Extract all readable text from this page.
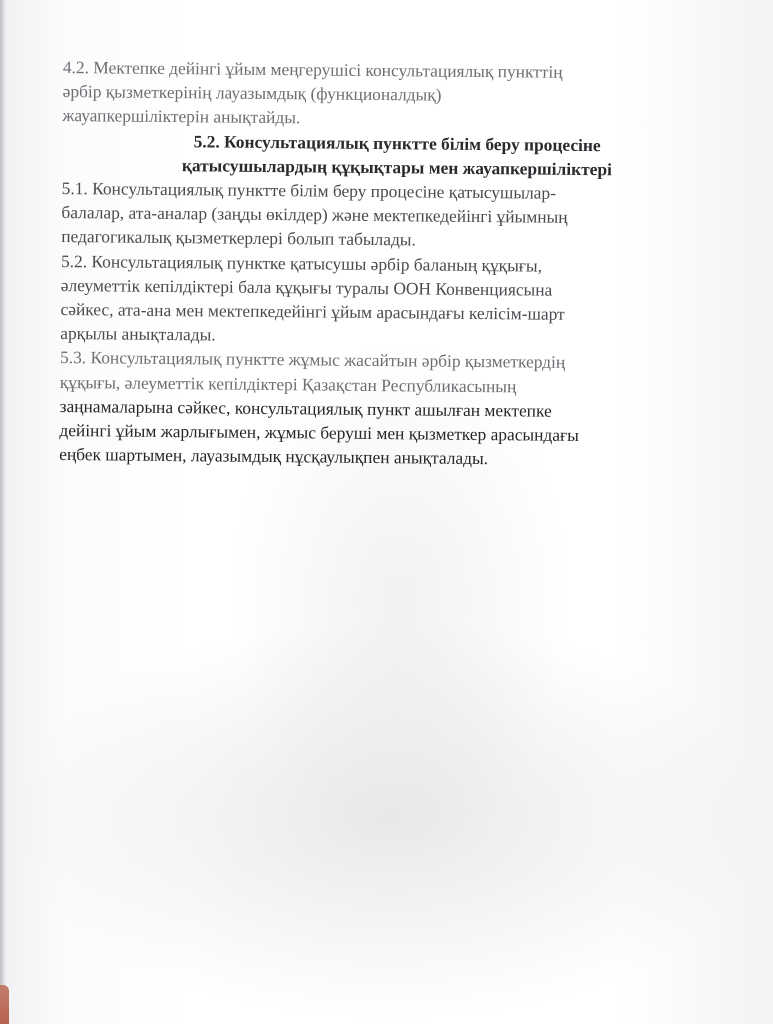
4.2. Мектепке дейінгі ұйым меңгерушісі консультациялық пункттің
әрбір қызметкерінің лауазымдық (функционалдық)
жауапкершіліктерін анықтайды.
5.2. Консультациялық пунктте білім беру процесіне
қатысушылардың құқықтары мен жауапкершіліктері
5.1. Консультациялық пунктте білім беру процесіне қатысушылар-
балалар, ата-аналар (заңды өкілдер) және мектепкедейінгі ұйымның
педагогикалық қызметкерлері болып табылады.
5.2. Консультациялық пунктке қатысушы әрбір баланың құқығы,
әлеуметтік кепілдіктері бала құқығы туралы ООН Конвенциясына
сәйкес, ата-ана мен мектепкедейінгі ұйым арасындағы келісім-шарт
арқылы анықталады.
5.3. Консультациялық пунктте жұмыс жасайтын әрбір қызметкердің
құқығы, әлеуметтік кепілдіктері Қазақстан Республикасының
заңнамаларына сәйкес, консультациялық пункт ашылған мектепке
дейінгі ұйым жарлығымен, жұмыс беруші мен қызметкер арасындағы
еңбек шартымен, лауазымдық нұсқаулықпен анықталады.
